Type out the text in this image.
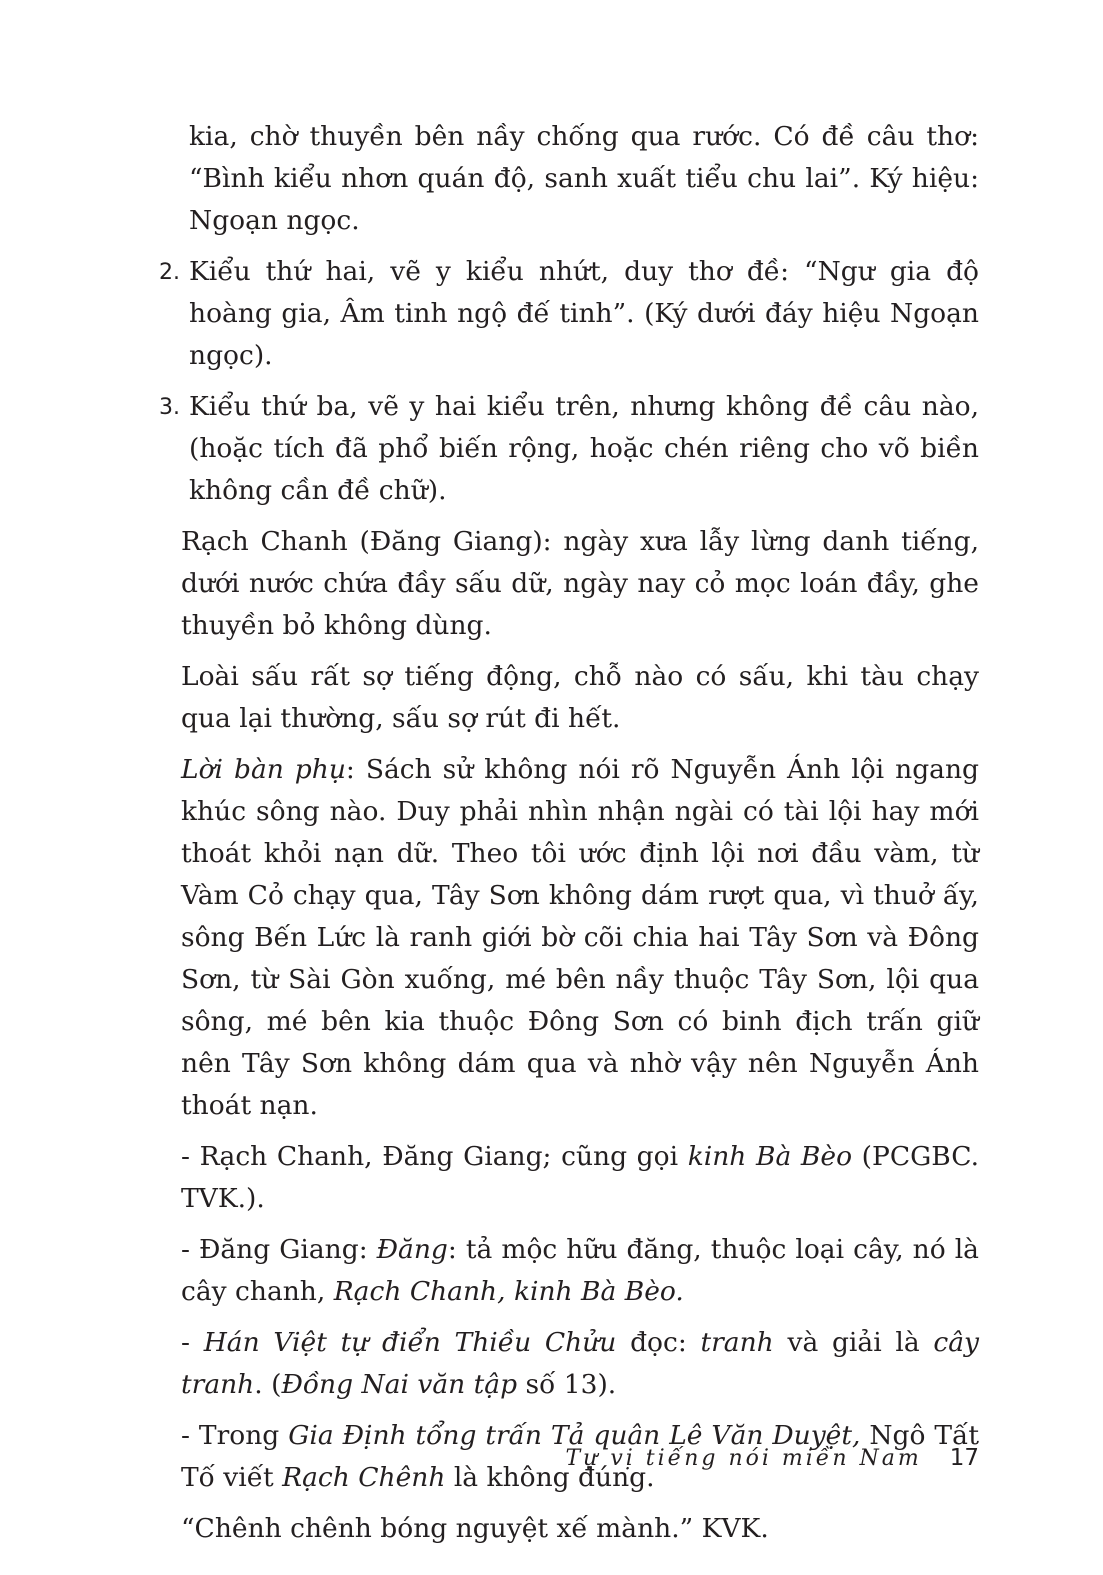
kia, chờ thuyền bên nầy chống qua rước. Có đề câu thơ: “Bình kiểu nhơn quán độ, sanh xuất tiểu chu lai”. Ký hiệu: Ngoạn ngọc.

2. Kiểu thứ hai, vẽ y kiểu nhứt, duy thơ đề: “Ngư gia độ hoàng gia, Âm tinh ngộ đế tinh”. (Ký dưới đáy hiệu Ngoạn ngọc).
3. Kiểu thứ ba, vẽ y hai kiểu trên, nhưng không đề câu nào, (hoặc tích đã phổ biến rộng, hoặc chén riêng cho võ biền không cần đề chữ).

Rạch Chanh (Đăng Giang): ngày xưa lẫy lừng danh tiếng, dưới nước chứa đầy sấu dữ, ngày nay cỏ mọc loán đầy, ghe thuyền bỏ không dùng.

Loài sấu rất sợ tiếng động, chỗ nào có sấu, khi tàu chạy qua lại thường, sấu sợ rút đi hết.

Lời bàn phụ: Sách sử không nói rõ Nguyễn Ánh lội ngang khúc sông nào. Duy phải nhìn nhận ngài có tài lội hay mới thoát khỏi nạn dữ. Theo tôi ước định lội nơi đầu vàm, từ Vàm Cỏ chạy qua, Tây Sơn không dám rượt qua, vì thuở ấy, sông Bến Lức là ranh giới bờ cõi chia hai Tây Sơn và Đông Sơn, từ Sài Gòn xuống, mé bên nầy thuộc Tây Sơn, lội qua sông, mé bên kia thuộc Đông Sơn có binh địch trấn giữ nên Tây Sơn không dám qua và nhờ vậy nên Nguyễn Ánh thoát nạn.

- Rạch Chanh, Đăng Giang; cũng gọi kinh Bà Bèo (PCGBC. TVK.).

- Đăng Giang: Đăng: tả mộc hữu đăng, thuộc loại cây, nó là cây chanh, Rạch Chanh, kinh Bà Bèo.

- Hán Việt tự điển Thiều Chửu đọc: tranh và giải là cây tranh. (Đồng Nai văn tập số 13).

- Trong Gia Định tổng trấn Tả quân Lê Văn Duyệt, Ngô Tất Tố viết Rạch Chênh là không đúng.

“Chênh chênh bóng nguyệt xế mành.” KVK.

Tự vị tiếng nói miền Nam 17
